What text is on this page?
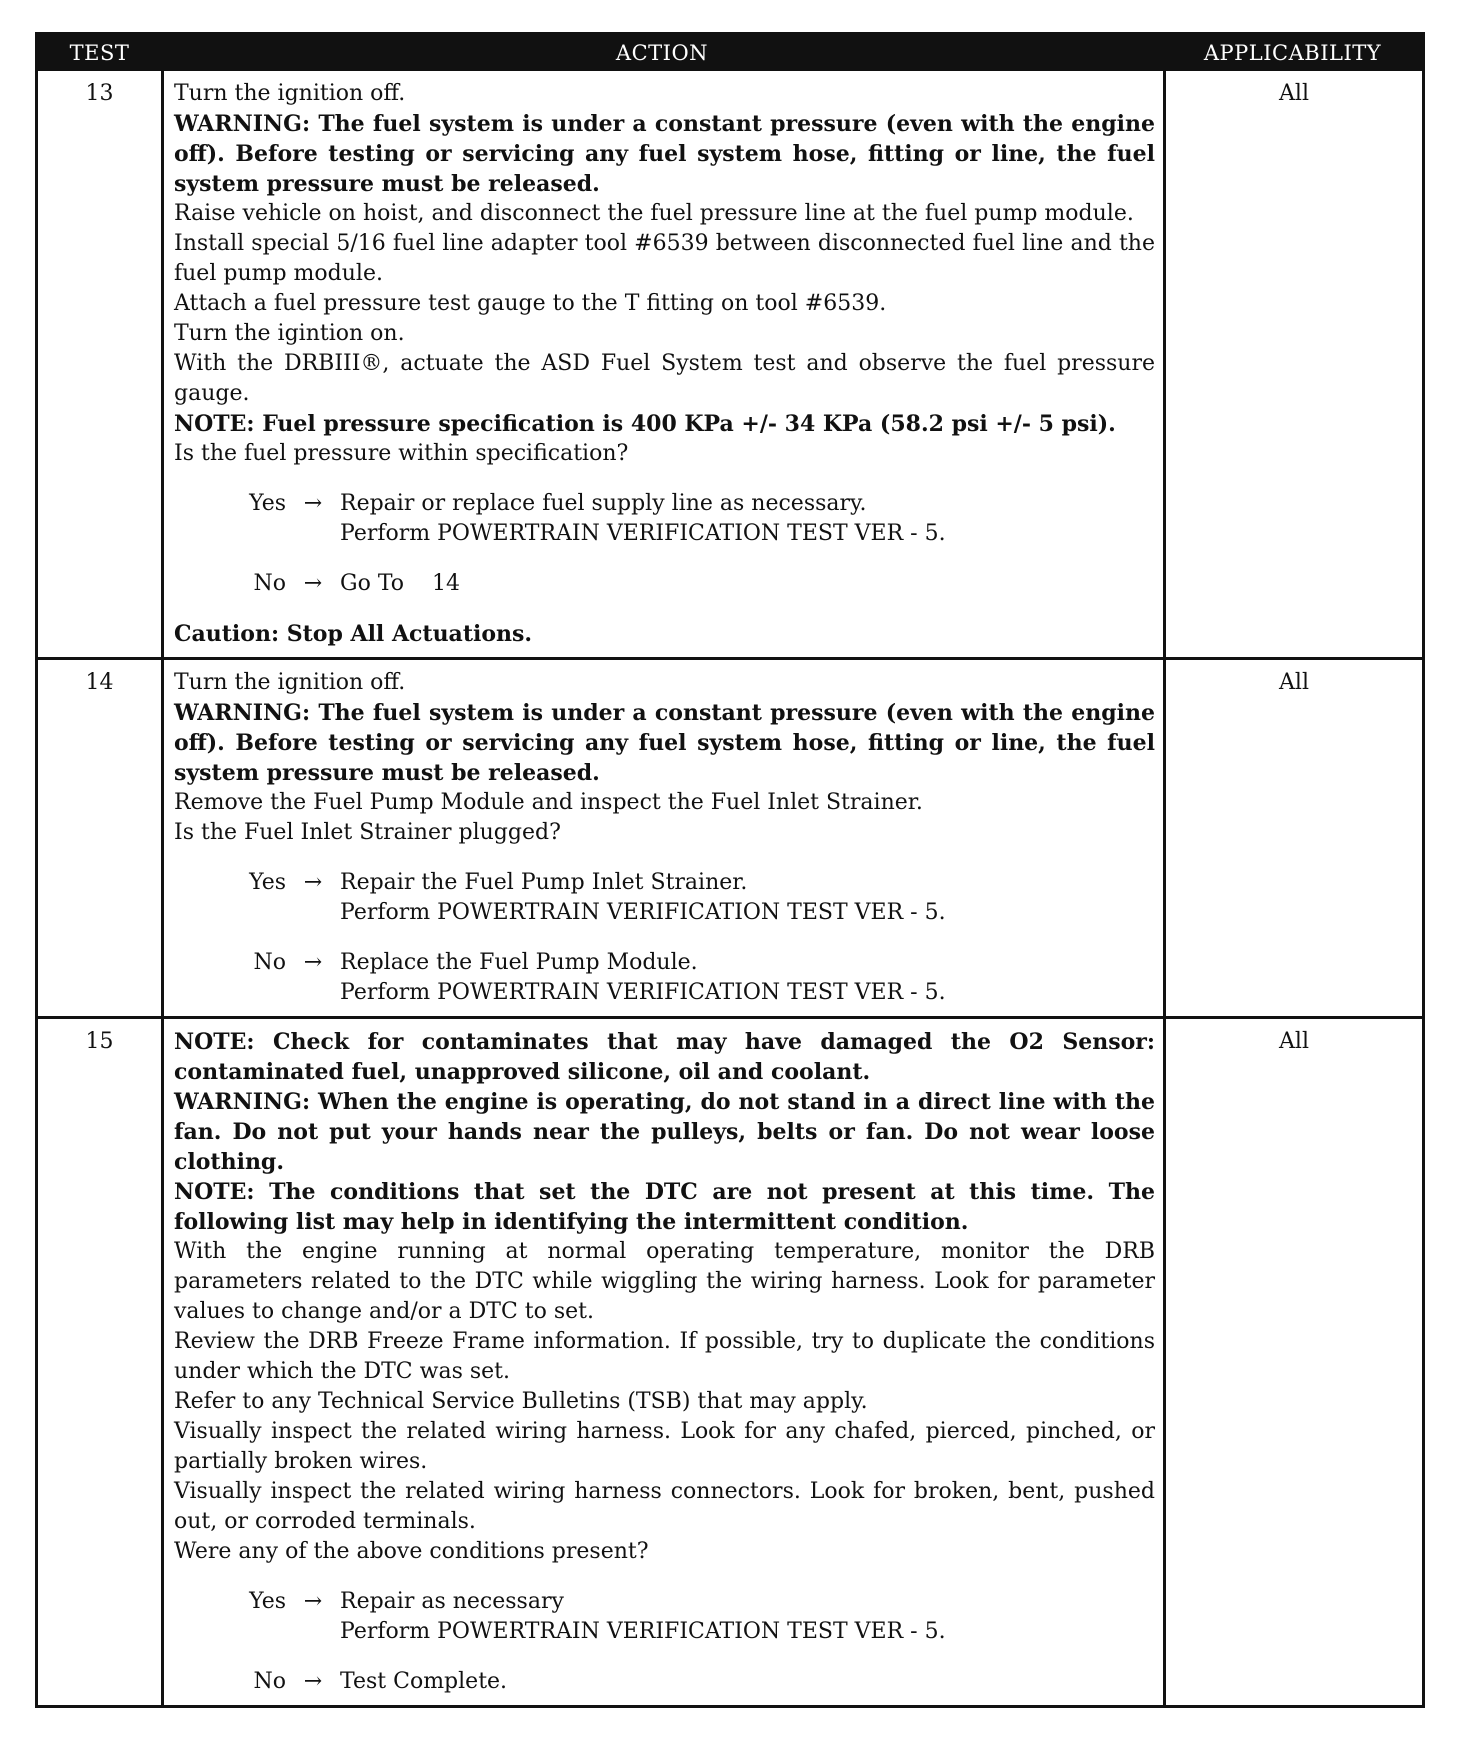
TEST	ACTION	APPLICABILITY
13	Turn the ignition off.

WARNING: The fuel system is under a constant pressure (even with the engine off). Before testing or servicing any fuel system hose, fitting or line, the fuel system pressure must be released.

Raise vehicle on hoist, and disconnect the fuel pressure line at the fuel pump module.

Install special 5/16 fuel line adapter tool #6539 between disconnected fuel line and the fuel pump module.

Attach a fuel pressure test gauge to the T fitting on tool #6539.

Turn the igintion on.

With the DRBIII®, actuate the ASD Fuel System test and observe the fuel pressure gauge.

NOTE: Fuel pressure specification is 400 KPa +/- 34 KPa (58.2 psi +/- 5 psi).

Is the fuel pressure within specification?

Yes → Repair or replace fuel supply line as necessary.
Perform POWERTRAIN VERIFICATION TEST VER - 5.
No → Go To    14

Caution: Stop All Actuations.

All
14	Turn the ignition off.

WARNING: The fuel system is under a constant pressure (even with the engine off). Before testing or servicing any fuel system hose, fitting or line, the fuel system pressure must be released.

Remove the Fuel Pump Module and inspect the Fuel Inlet Strainer.

Is the Fuel Inlet Strainer plugged?

Yes → Repair the Fuel Pump Inlet Strainer.
Perform POWERTRAIN VERIFICATION TEST VER - 5.
No → Replace the Fuel Pump Module.
Perform POWERTRAIN VERIFICATION TEST VER - 5.
All
15	NOTE: Check for contaminates that may have damaged the O2 Sensor: contaminated fuel, unapproved silicone, oil and coolant.

WARNING: When the engine is operating, do not stand in a direct line with the fan. Do not put your hands near the pulleys, belts or fan. Do not wear loose clothing.

NOTE: The conditions that set the DTC are not present at this time. The following list may help in identifying the intermittent condition.

With the engine running at normal operating temperature, monitor the DRB parameters related to the DTC while wiggling the wiring harness. Look for parameter values to change and/or a DTC to set.

Review the DRB Freeze Frame information. If possible, try to duplicate the conditions under which the DTC was set.

Refer to any Technical Service Bulletins (TSB) that may apply.

Visually inspect the related wiring harness. Look for any chafed, pierced, pinched, or partially broken wires.

Visually inspect the related wiring harness connectors. Look for broken, bent, pushed out, or corroded terminals.

Were any of the above conditions present?

Yes → Repair as necessary
Perform POWERTRAIN VERIFICATION TEST VER - 5.
No → Test Complete.
All
